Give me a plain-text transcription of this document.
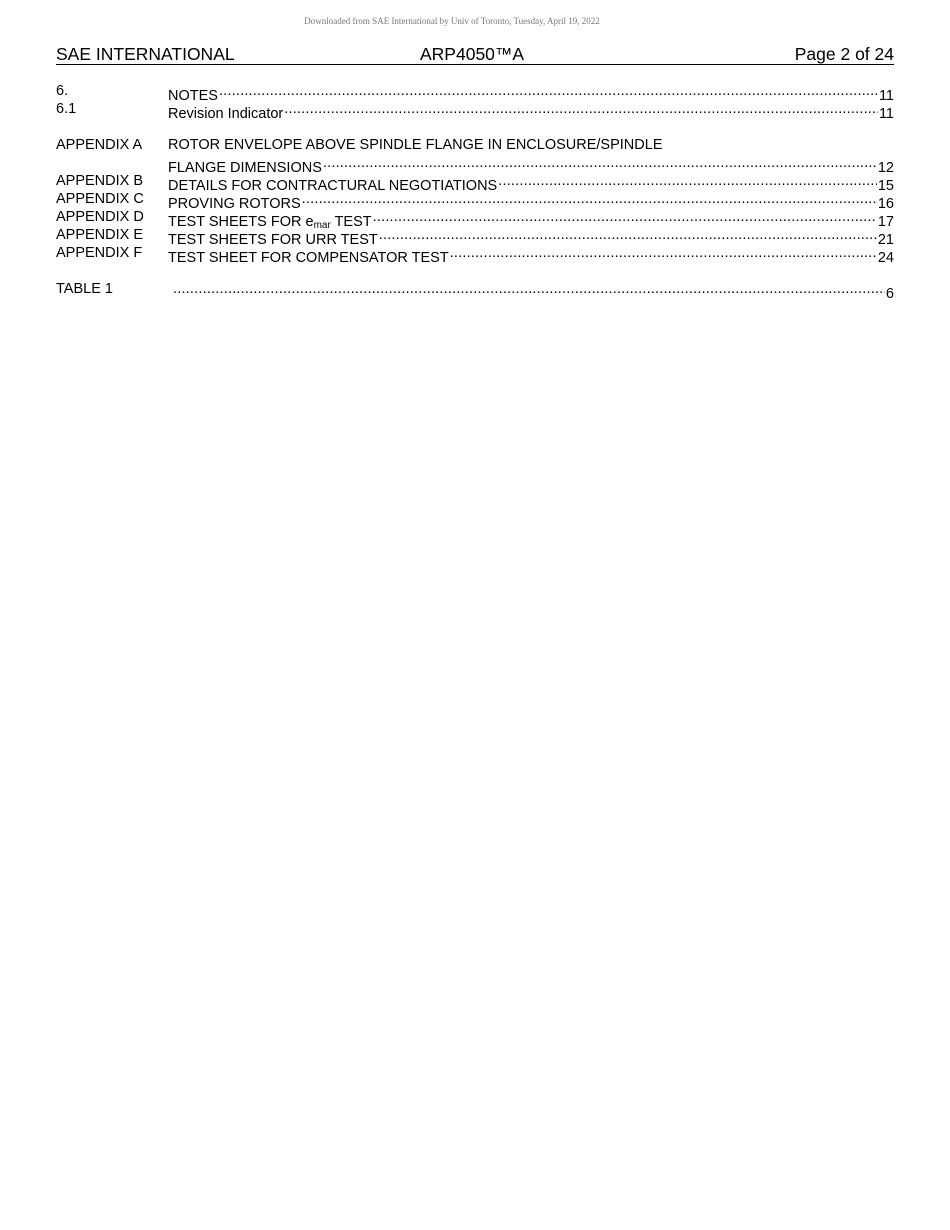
Downloaded from SAE International by Univ of Toronto, Tuesday, April 19, 2022
SAE INTERNATIONAL	ARP4050™A	Page 2 of 24
6.	NOTES .....	11
6.1	Revision Indicator .....	11
APPENDIX A ROTOR ENVELOPE ABOVE SPINDLE FLANGE IN ENCLOSURE/SPINDLE
FLANGE DIMENSIONS .....	12
APPENDIX B DETAILS FOR CONTRACTURAL NEGOTIATIONS .....	15
APPENDIX C PROVING ROTORS .....	16
APPENDIX D TEST SHEETS FOR $e_{mar}$ TEST .....	17
APPENDIX E TEST SHEETS FOR URR TEST .....	21
APPENDIX F TEST SHEET FOR COMPENSATOR TEST .....	24
TABLE 1 .....	6
